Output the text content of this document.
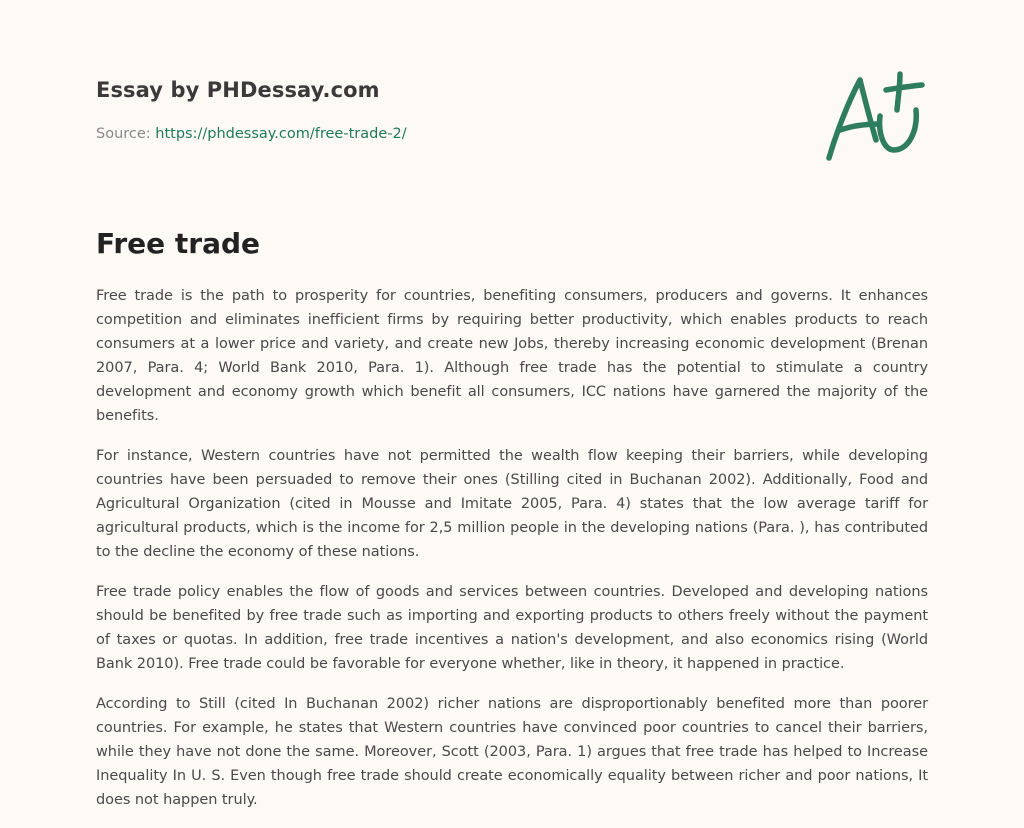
Essay by PHDessay.com
Source: https://phdessay.com/free-trade-2/
Free trade

Free trade is the path to prosperity for countries, benefiting consumers, producers and governs. It enhances competition and eliminates inefficient firms by requiring better productivity, which enables products to reach consumers at a lower price and variety, and create new Jobs, thereby increasing economic development (Brenan 2007, Para. 4; World Bank 2010, Para. 1). Although free trade has the potential to stimulate a country development and economy growth which benefit all consumers, ICC nations have garnered the majority of the benefits.

For instance, Western countries have not permitted the wealth flow keeping their barriers, while developing countries have been persuaded to remove their ones (Stilling cited in Buchanan 2002). Additionally, Food and Agricultural Organization (cited in Mousse and Imitate 2005, Para. 4) states that the low average tariff for agricultural products, which is the income for 2,5 million people in the developing nations (Para. ), has contributed to the decline the economy of these nations.

Free trade policy enables the flow of goods and services between countries. Developed and developing nations should be benefited by free trade such as importing and exporting products to others freely without the payment of taxes or quotas. In addition, free trade incentives a nation's development, and also economics rising (World Bank 2010). Free trade could be favorable for everyone whether, like in theory, it happened in practice.

According to Still (cited In Buchanan 2002) richer nations are disproportionably benefited more than poorer countries. For example, he states that Western countries have convinced poor countries to cancel their barriers, while they have not done the same. Moreover, Scott (2003, Para. 1) argues that free trade has helped to Increase Inequality In U. S. Even though free trade should create economically equality between richer and poor nations, It does not happen truly.
